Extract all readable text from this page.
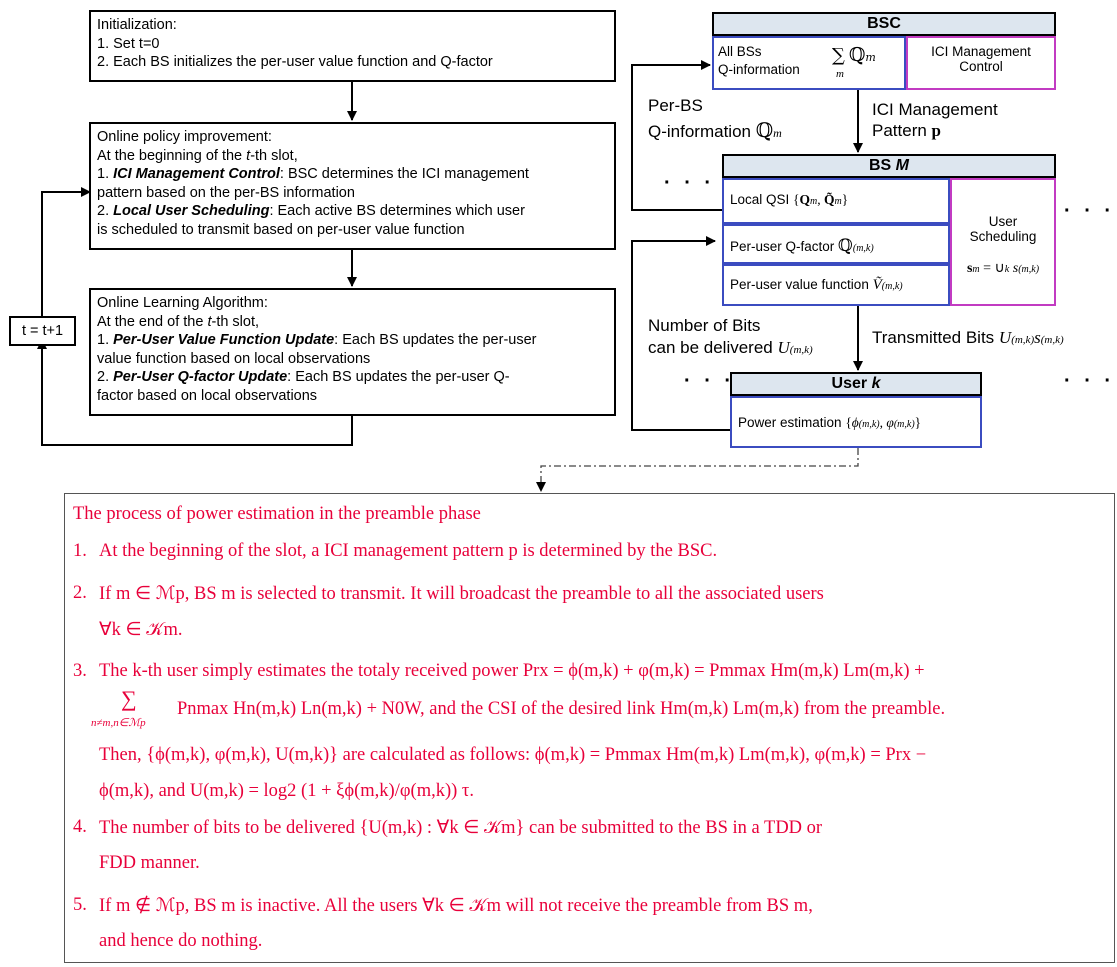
Initialization:
1. Set t=0
2. Each BS initializes the per-user value function and Q-factor
Online policy improvement:
At the beginning of the t-th slot,
1. ICI Management Control: BSC determines the ICI management
pattern based on the per-BS information
2. Local User Scheduling: Each active BS determines which user
is scheduled to transmit based on per-user value function
Online Learning Algorithm:
At the end of the t-th slot,
1. Per-User Value Function Update: Each BS updates the per-user
value function based on local observations
2. Per-User Q-factor Update: Each BS updates the per-user Q-
factor based on local observations
t = t+1
BSC
All BSs
Q-information
∑ ℚm
m
ICI Management
Control
Per-BS
Q-information ℚm
ICI Management
Pattern p
BS M
Local QSI {Qm, Q̃m}
Per-user Q-factor ℚ(m,k)
Per-user value function Ṽ(m,k)
User
Scheduling
sm = ∪k s(m,k)
Number of Bits
can be delivered U(m,k)
Transmitted Bits U(m,k)s(m,k)
User k
Power estimation {ϕ(m,k), φ(m,k)}
· · ·
· · ·
· · ·	· · ·
The process of power estimation in the preamble phase
1. At the beginning of the slot, a ICI management pattern p is determined by the BSC.
2. If m ∈ ℳp, BS m is selected to transmit. It will broadcast the preamble to all the associated users
∀k ∈ 𝒦m.
3. The k-th user simply estimates the totaly received power Prx = ϕ(m,k) + φ(m,k) = Pmmax Hm(m,k) Lm(m,k) +
∑
n≠m,n∈ℳp
Pnmax Hn(m,k) Ln(m,k) + N0W, and the CSI of the desired link Hm(m,k) Lm(m,k) from the preamble.
Then, {ϕ(m,k), φ(m,k), U(m,k)} are calculated as follows: ϕ(m,k) = Pmmax Hm(m,k) Lm(m,k), φ(m,k) = Prx −
ϕ(m,k), and U(m,k) = log2 (1 + ξϕ(m,k)/φ(m,k)) τ.
4. The number of bits to be delivered {U(m,k) : ∀k ∈ 𝒦m} can be submitted to the BS in a TDD or
FDD manner.
5. If m ∉ ℳp, BS m is inactive. All the users ∀k ∈ 𝒦m will not receive the preamble from BS m,
and hence do nothing.
